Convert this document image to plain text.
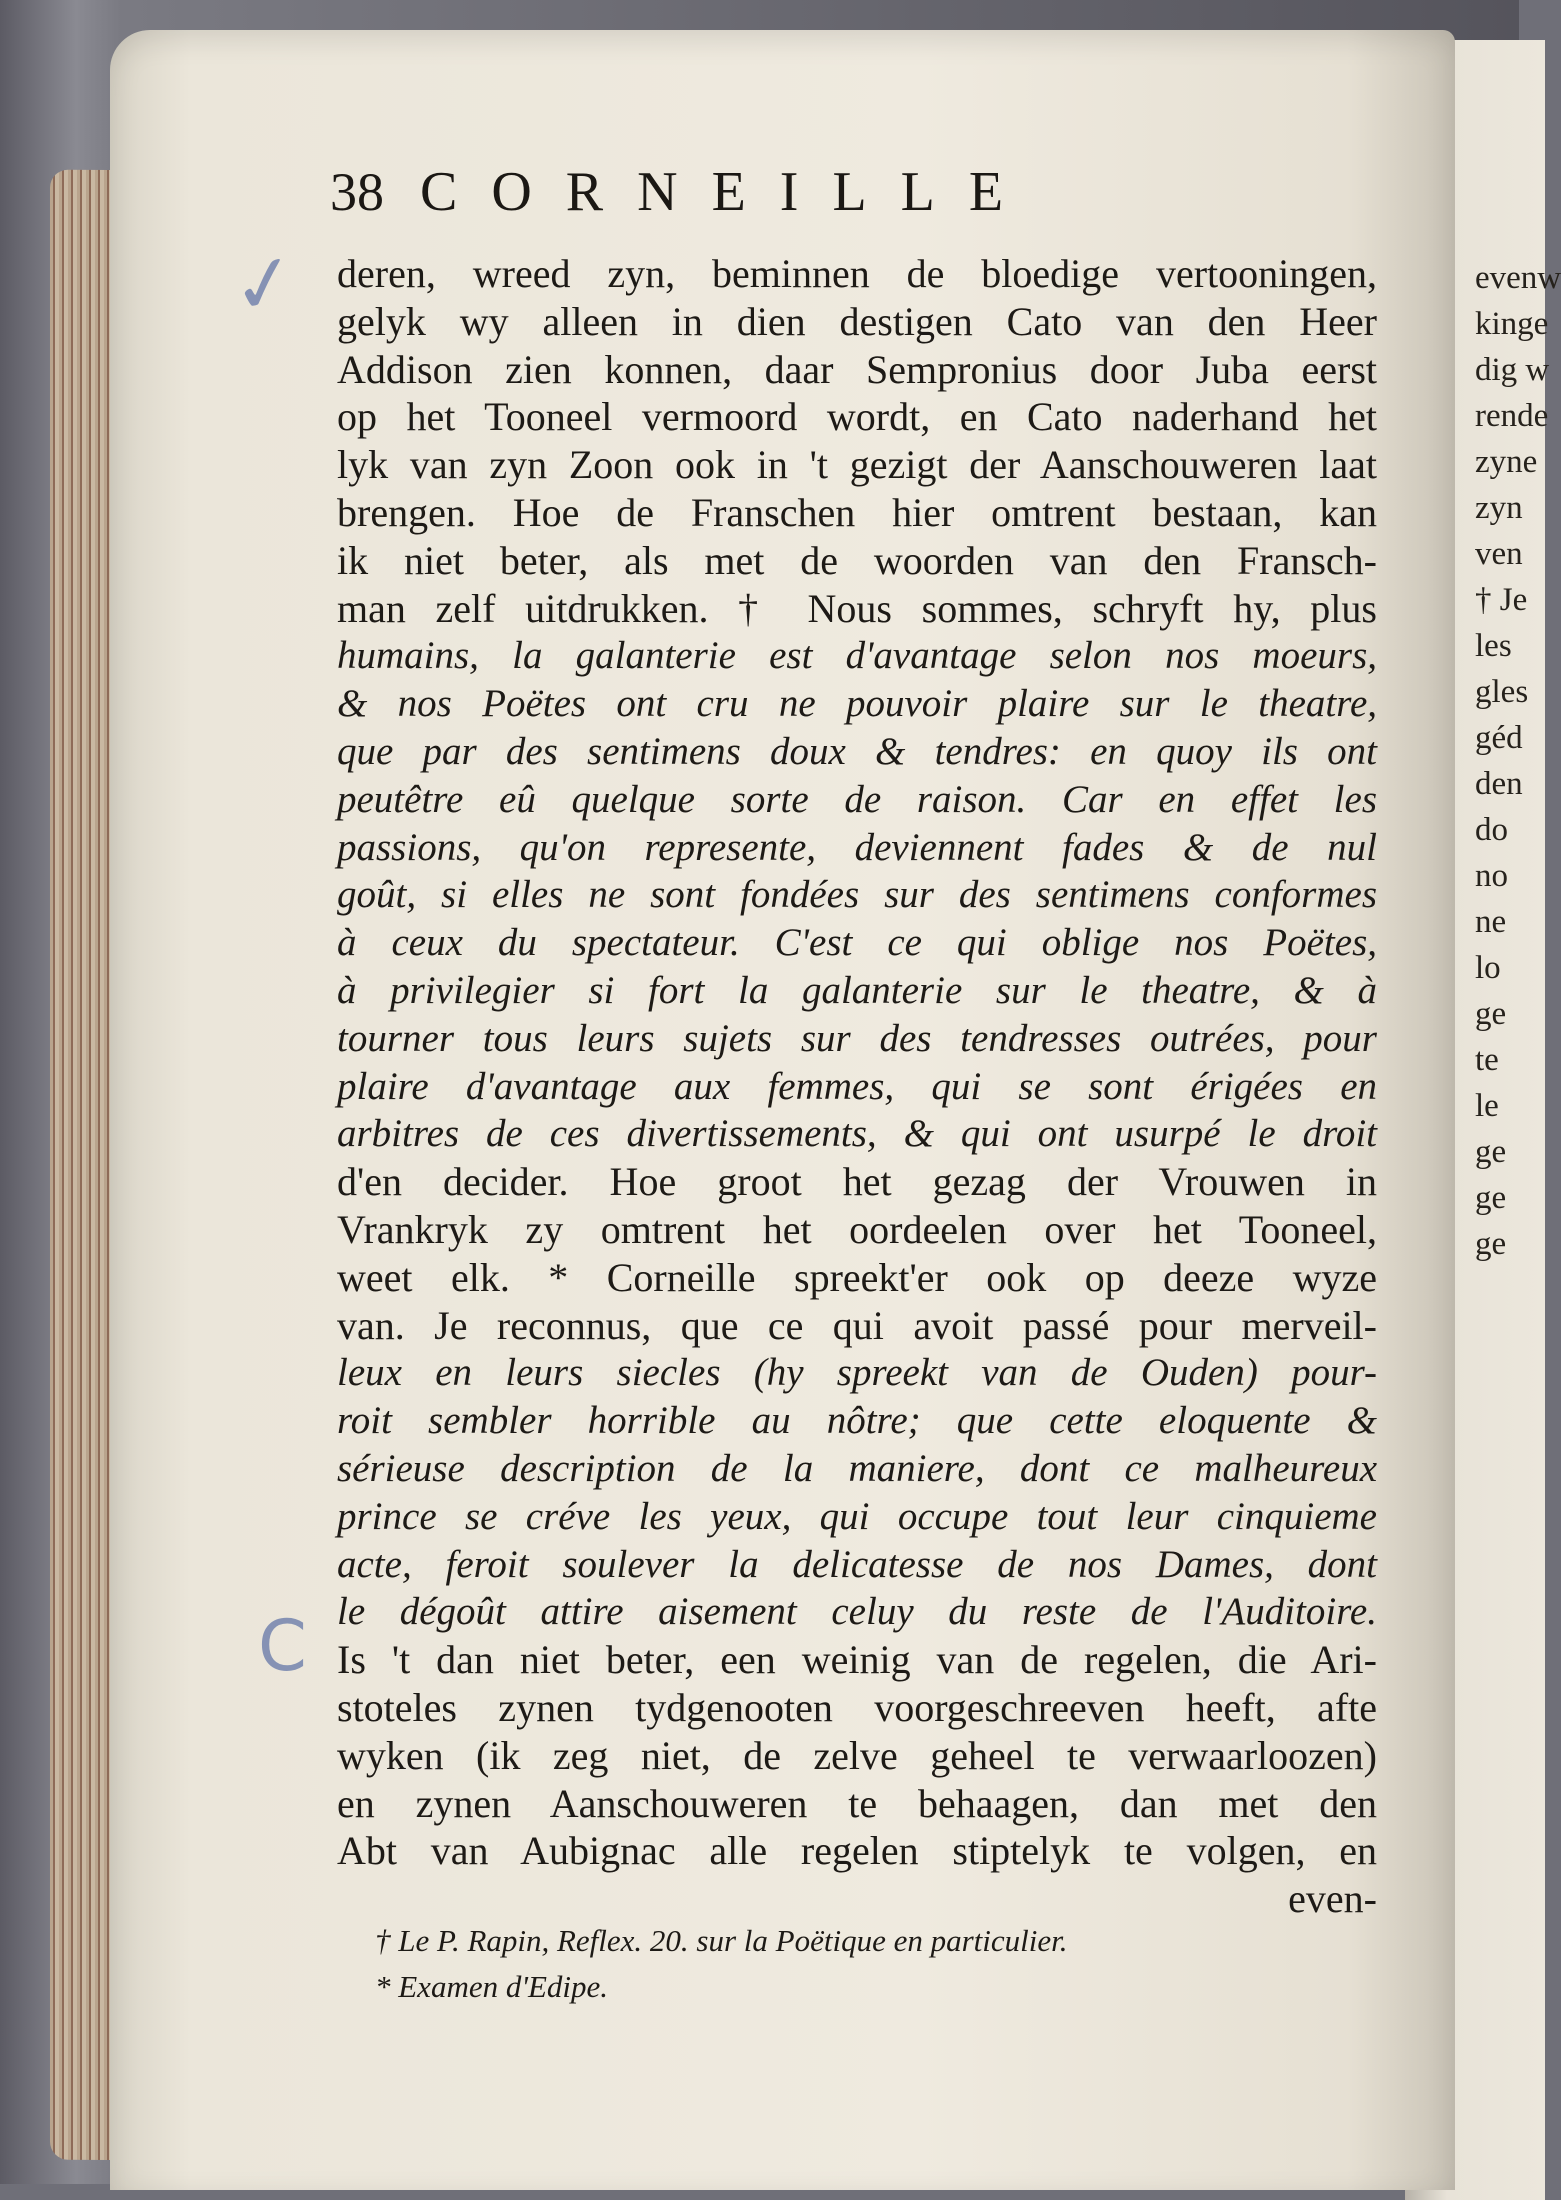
evenw
kinge
dig w
rende
zyne
zyn
ven
† Je
les
gles
géd
den
do
no
ne
lo
ge
te
le
ge
ge
ge
38 CORNEILLE
✓
C
deren, wreed zyn, beminnen de bloedige vertooningen,
gelyk wy alleen in dien destigen Cato van den Heer
Addison zien konnen, daar Sempronius door Juba eerst
op het Tooneel vermoord wordt, en Cato naderhand het
lyk van zyn Zoon ook in 't gezigt der Aanschouweren laat
brengen. Hoe de Franschen hier omtrent bestaan, kan
ik niet beter, als met de woorden van den Fransch-
man zelf uitdrukken. † Nous sommes, schryft hy, plus
humains, la galanterie est d'avantage selon nos moeurs,
& nos Poëtes ont cru ne pouvoir plaire sur le theatre,
que par des sentimens doux & tendres: en quoy ils ont
peutêtre eû quelque sorte de raison. Car en effet les
passions, qu'on represente, deviennent fades & de nul
goût, si elles ne sont fondées sur des sentimens conformes
à ceux du spectateur. C'est ce qui oblige nos Poëtes,
à privilegier si fort la galanterie sur le theatre, & à
tourner tous leurs sujets sur des tendresses outrées, pour
plaire d'avantage aux femmes, qui se sont érigées en
arbitres de ces divertissements, & qui ont usurpé le droit
d'en decider. Hoe groot het gezag der Vrouwen in
Vrankryk zy omtrent het oordeelen over het Tooneel,
weet elk. * Corneille spreekt'er ook op deeze wyze
van. Je reconnus, que ce qui avoit passé pour merveil-
leux en leurs siecles (hy spreekt van de Ouden) pour-
roit sembler horrible au nôtre; que cette eloquente &
sérieuse description de la maniere, dont ce malheureux
prince se créve les yeux, qui occupe tout leur cinquieme
acte, feroit soulever la delicatesse de nos Dames, dont
le dégoût attire aisement celuy du reste de l'Auditoire.
Is 't dan niet beter, een weinig van de regelen, die Ari-
stoteles zynen tydgenooten voorgeschreeven heeft, afte
wyken (ik zeg niet, de zelve geheel te verwaarloozen)
en zynen Aanschouweren te behaagen, dan met den
Abt van Aubignac alle regelen stiptelyk te volgen, en
even-
† Le P. Rapin, Reflex. 20. sur la Poëtique en particulier.
* Examen d'Edipe.
